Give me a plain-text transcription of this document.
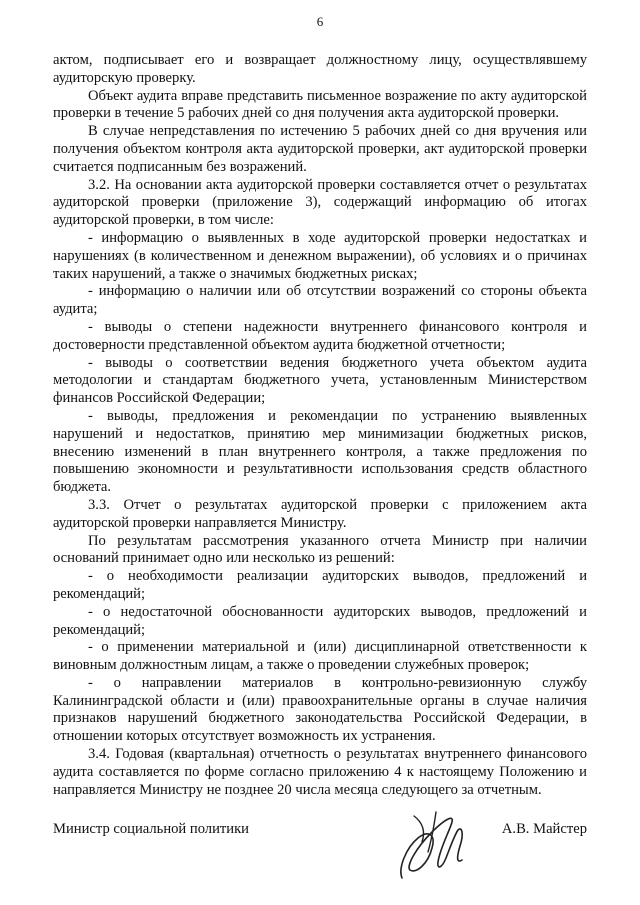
6

актом, подписывает его и возвращает должностному лицу, осуществлявшему аудиторскую проверку.

Объект аудита вправе представить письменное возражение по акту аудиторской проверки в течение 5 рабочих дней со дня получения акта аудиторской проверки.

В случае непредставления по истечению 5 рабочих дней со дня вручения или получения объектом контроля акта аудиторской проверки, акт аудиторской проверки считается подписанным без возражений.

3.2. На основании акта аудиторской проверки составляется отчет о результатах аудиторской проверки (приложение 3), содержащий информацию об итогах аудиторской проверки, в том числе:

- информацию о выявленных в ходе аудиторской проверки недостатках и нарушениях (в количественном и денежном выражении), об условиях и о причинах таких нарушений, а также о значимых бюджетных рисках;

- информацию о наличии или об отсутствии возражений со стороны объекта аудита;

- выводы о степени надежности внутреннего финансового контроля и достоверности представленной объектом аудита бюджетной отчетности;

- выводы о соответствии ведения бюджетного учета объектом аудита методологии и стандартам бюджетного учета, установленным Министерством финансов Российской Федерации;

- выводы, предложения и рекомендации по устранению выявленных нарушений и недостатков, принятию мер минимизации бюджетных рисков, внесению изменений в план внутреннего контроля, а также предложения по повышению экономности и результативности использования средств областного бюджета.

3.3. Отчет о результатах аудиторской проверки с приложением акта аудиторской проверки направляется Министру.

По результатам рассмотрения указанного отчета Министр при наличии оснований принимает одно или несколько из решений:

- о необходимости реализации аудиторских выводов, предложений и рекомендаций;

- о недостаточной обоснованности аудиторских выводов, предложений и рекомендаций;

- о применении материальной и (или) дисциплинарной ответственности к виновным должностным лицам, а также о проведении служебных проверок;

- о направлении материалов в контрольно-ревизионную службу Калининградской области и (или) правоохранительные органы в случае наличия признаков нарушений бюджетного законодательства Российской Федерации, в отношении которых отсутствует возможность их устранения.

3.4. Годовая (квартальная) отчетность о результатах внутреннего финансового аудита составляется по форме согласно приложению 4 к настоящему Положению и направляется Министру не позднее 20 числа месяца следующего за отчетным.

Министр социальной политики	А.В. Майстер
